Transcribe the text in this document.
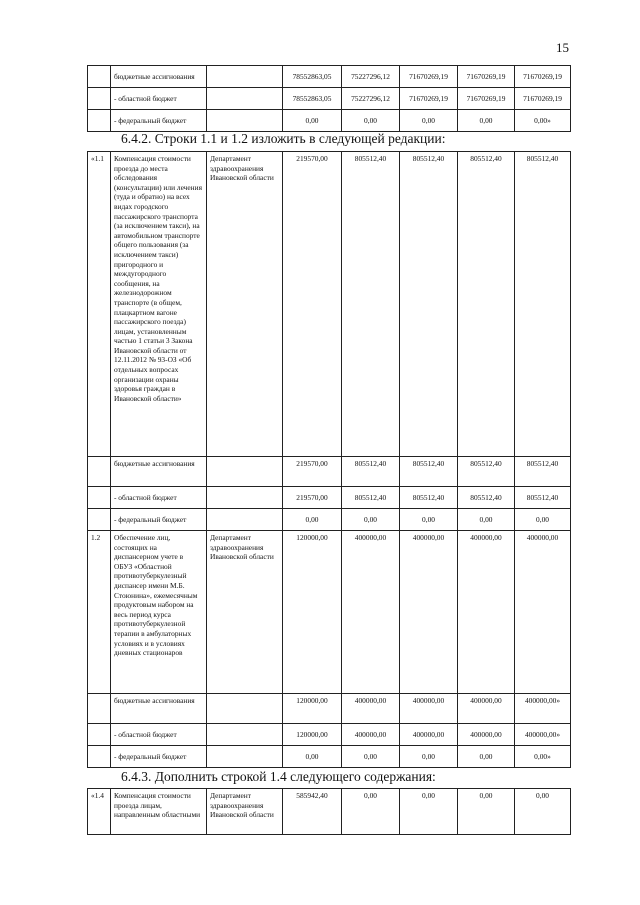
15
	бюджетные ассигнования		78552863,05	75227296,12	71670269,19	71670269,19	71670269,19
	- областной бюджет		78552863,05	75227296,12	71670269,19	71670269,19	71670269,19
	- федеральный бюджет		0,00	0,00	0,00	0,00	0,00»
6.4.2. Строки 1.1 и 1.2 изложить в следующей редакции:
«1.1	Компенсация стоимости проезда до места обследования (консультации) или лечения (туда и обратно) на всех видах городского пассажирского транспорта (за исключением такси), на автомобильном транспорте общего пользования (за исключением такси) пригородного и междугородного сообщения, на железнодорожном транспорте (в общем, плацкартном вагоне пассажирского поезда) лицам, установленным частью 1 статьи 3 Закона Ивановской области от 12.11.2012 № 93-ОЗ «Об отдельных вопросах организации охраны здоровья граждан в Ивановской области»	Департамент здравоохранения Ивановской области	219570,00	805512,40	805512,40	805512,40	805512,40
	бюджетные ассигнования		219570,00	805512,40	805512,40	805512,40	805512,40
	- областной бюджет		219570,00	805512,40	805512,40	805512,40	805512,40
	- федеральный бюджет		0,00	0,00	0,00	0,00	0,00
1.2	Обеспечение лиц, состоящих на диспансерном учете в ОБУЗ «Областной противотуберкулезный диспансер имени М.Б. Стоюнина», ежемесячным продуктовым набором на весь период курса противотуберкулезной терапии в амбулаторных условиях и в условиях дневных стационаров	Департамент здравоохранения Ивановской области	120000,00	400000,00	400000,00	400000,00	400000,00
	бюджетные ассигнования		120000,00	400000,00	400000,00	400000,00	400000,00»
	- областной бюджет		120000,00	400000,00	400000,00	400000,00	400000,00»
	- федеральный бюджет		0,00	0,00	0,00	0,00	0,00»
6.4.3. Дополнить строкой 1.4 следующего содержания:
«1.4	Компенсация стоимости проезда лицам, направленным областными	Департамент здравоохранения Ивановской области	585942,40	0,00	0,00	0,00	0,00
